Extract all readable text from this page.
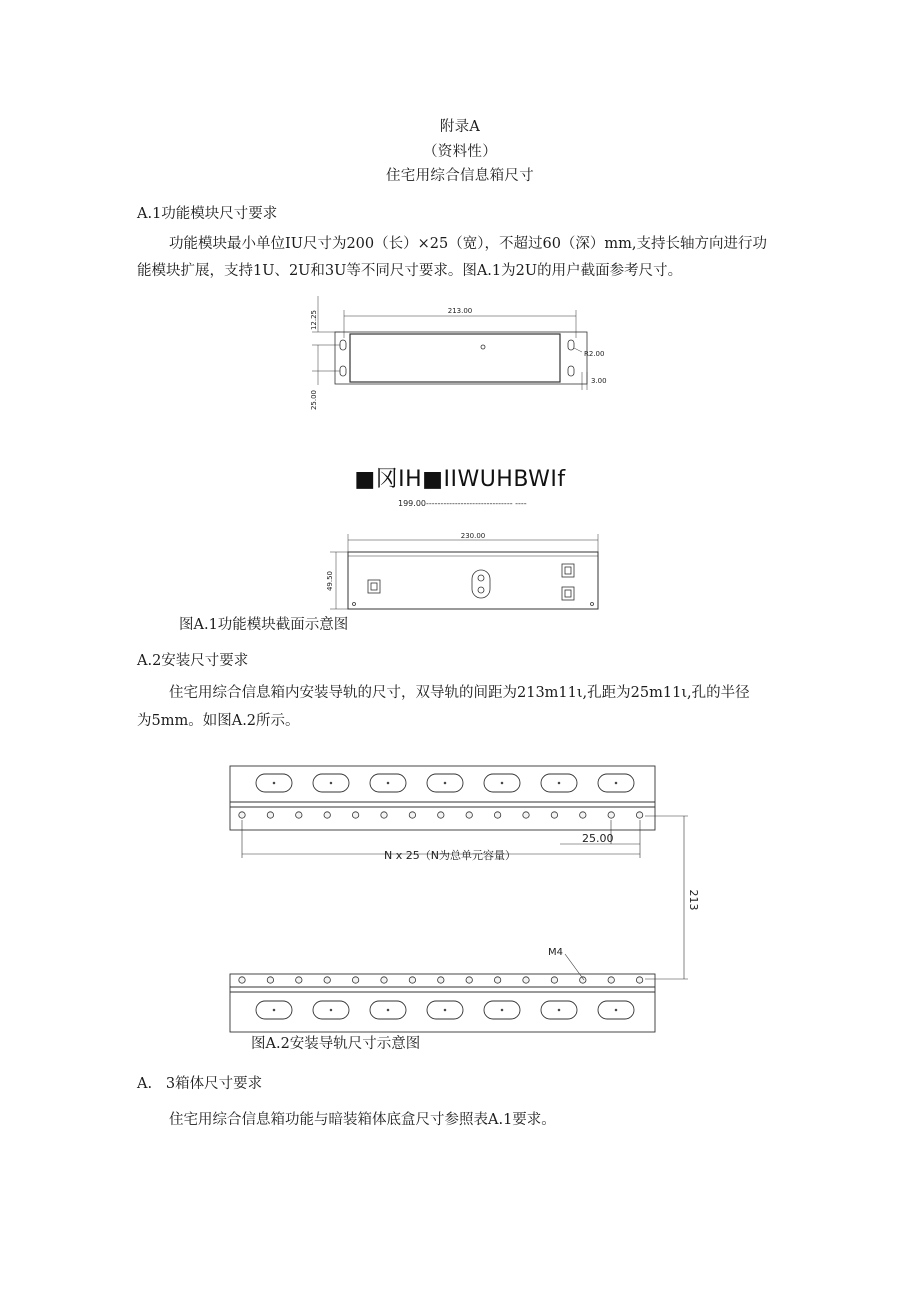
附录A
（资料性）
住宅用综合信息箱尺寸
A.1功能模块尺寸要求
功能模块最小单位IU尺寸为200（长）×25（宽），不超过60（深）mm,支持长轴方向进行功
能模块扩展，支持1U、2U和3U等不同尺寸要求。图A.1为2U的用户截面参考尺寸。
213.00
12.25
25.00
R2.00
3.00
■冈IH■IIWUHBWIf
199.00------------------------------ ----
230.00
49.50
图A.1功能模块截面示意图
A.2安装尺寸要求
住宅用综合信息箱内安装导轨的尺寸，双导轨的间距为213m11ι,孔距为25m11ι,孔的半径
为5mm。如图A.2所示。
25.00
N x 25（N为总单元容量）
213
M4
图A.2安装导轨尺寸示意图
A.   3箱体尺寸要求
住宅用综合信息箱功能与暗装箱体底盒尺寸参照表A.1要求。
